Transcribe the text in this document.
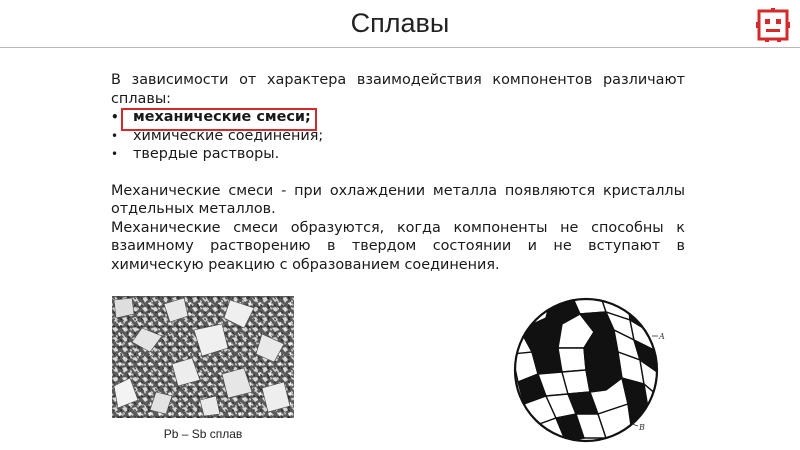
Сплавы
В зависимости от характера взаимодействия компонентов различают сплавы:
• механические смеси;
• химические соединения;
• твердые растворы.
Механические смеси - при охлаждении металла появляются кристаллы отдельных металлов.
Механические смеси образуются, когда компоненты не способны к взаимному растворению в твердом состоянии и не вступают в химическую реакцию с образованием соединения.
Pb – Sb сплав
A
B
